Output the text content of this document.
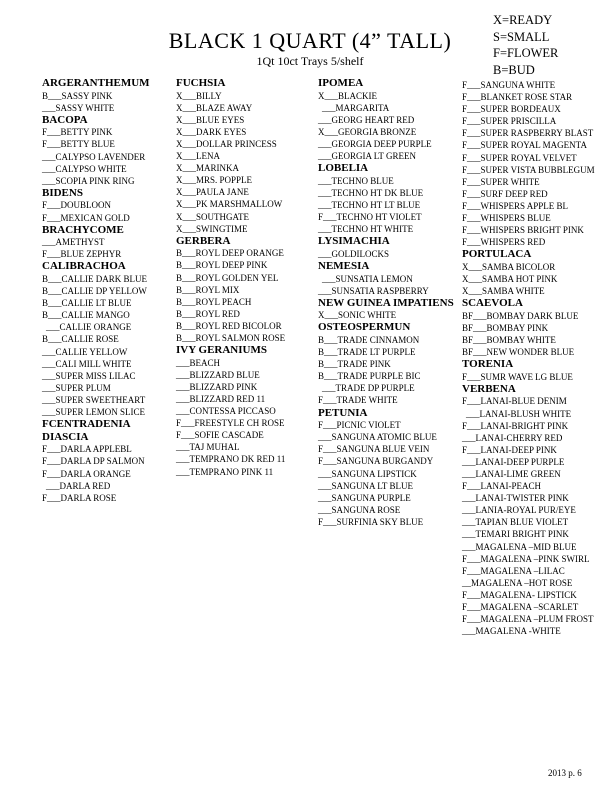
BLACK 1 QUART (4” TALL)
1Qt 10ct Trays 5/shelf
X=READY
S=SMALL
F=FLOWER
B=BUD
ARGERANTHEMUM
B___SASSY PINK
___SASSY WHITE
BACOPA
F___BETTY PINK
F___BETTY BLUE
___CALYPSO LAVENDER
___CALYPSO WHITE
___SCOPIA PINK RING
BIDENS
F___DOUBLOON
F___MEXICAN GOLD
BRACHYCOME
___AMETHYST
F___BLUE ZEPHYR
CALIBRACHOA
B___CALLIE DARK BLUE
B___CALLIE DP YELLOW
B___CALLIE LT BLUE
B___CALLIE MANGO
___CALLIE ORANGE
B___CALLIE ROSE
___CALLIE YELLOW
___CALI MILL WHITE
___SUPER MISS LILAC
___SUPER PLUM
___SUPER SWEETHEART
___SUPER LEMON SLICE
FCENTRADENIA
DIASCIA
F___DARLA APPLEBL
F___DARLA DP SALMON
F___DARLA ORANGE
___DARLA RED
F___DARLA ROSE
FUCHSIA
X___BILLY
X___BLAZE AWAY
X___BLUE EYES
X___DARK EYES
X___DOLLAR PRINCESS
X___LENA
X___MARINKA
X___MRS. POPPLE
X___PAULA JANE
X___PK MARSHMALLOW
X___SOUTHGATE
X___SWINGTIME
GERBERA
B___ROYL DEEP ORANGE
B___ROYL DEEP PINK
B___ROYL GOLDEN YEL
B___ROYL MIX
B___ROYL PEACH
B___ROYL RED
B___ROYL RED BICOLOR
B___ROYL SALMON ROSE
IVY GERANIUMS
___BEACH
___BLIZZARD BLUE
___BLIZZARD PINK
___BLIZZARD RED 11
___CONTESSA PICCASO
F___FREESTYLE CH ROSE
F___SOFIE CASCADE
___TAJ MUHAL
___TEMPRANO DK RED 11
___TEMPRANO PINK 11
IPOMEA
X___BLACKIE
___MARGARITA
___GEORG HEART RED
X___GEORGIA BRONZE
___GEORGIA DEEP PURPLE
___GEORGIA LT GREEN
LOBELIA
___TECHNO BLUE
___TECHNO HT DK BLUE
___TECHNO HT LT BLUE
F___TECHNO HT VIOLET
___TECHNO HT WHITE
LYSIMACHIA
___GOLDILOCKS
NEMESIA
___SUNSATIA LEMON
___SUNSATIA RASPBERRY
NEW GUINEA IMPATIENS
X___SONIC WHITE
OSTEOSPERMUN
B___TRADE CINNAMON
B___TRADE LT PURPLE
B___TRADE PINK
B___TRADE PURPLE BIC
___TRADE DP PURPLE
F___TRADE WHITE
PETUNIA
F___PICNIC VIOLET
___SANGUNA ATOMIC BLUE
F___SANGUNA BLUE VEIN
F___SANGUNA BURGANDY
___SANGUNA LIPSTICK
___SANGUNA LT BLUE
___SANGUNA PURPLE
___SANGUNA ROSE
F___SURFINIA SKY BLUE
F___SANGUNA WHITE
F___BLANKET ROSE STAR
F___SUPER BORDEAUX
F___SUPER PRISCILLA
F___SUPER RASPBERRY BLAST
F___SUPER ROYAL MAGENTA
F___SUPER ROYAL VELVET
F___SUPER VISTA BUBBLEGUM
F___SUPER WHITE
F___SURF DEEP RED
F___WHISPERS APPLE BL
F___WHISPERS BLUE
F___WHISPERS BRIGHT PINK
F___WHISPERS RED
PORTULACA
X___SAMBA BICOLOR
X___SAMBA HOT PINK
X___SAMBA WHITE
SCAEVOLA
BF___BOMBAY DARK BLUE
BF___BOMBAY PINK
BF___BOMBAY WHITE
BF___NEW WONDER BLUE
TORENIA
F___SUMR WAVE LG BLUE
VERBENA
F___LANAI-BLUE DENIM
___LANAI-BLUSH WHITE
F___LANAI-BRIGHT PINK
___LANAI-CHERRY RED
F___LANAI-DEEP PINK
___LANAI-DEEP PURPLE
___LANAI-LIME GREEN
F___LANAI-PEACH
___LANAI-TWISTER PINK
___LANIA-ROYAL PUR/EYE
___TAPIAN BLUE VIOLET
___TEMARI BRIGHT PINK
___MAGALENA –MID BLUE
F___MAGALENA –PINK SWIRL
F___MAGALENA –LILAC
__MAGALENA –HOT ROSE
F___MAGALENA- LIPSTICK
F___MAGALENA –SCARLET
F___MAGALENA –PLUM FROST
___MAGALENA -WHITE
2013 p. 6
